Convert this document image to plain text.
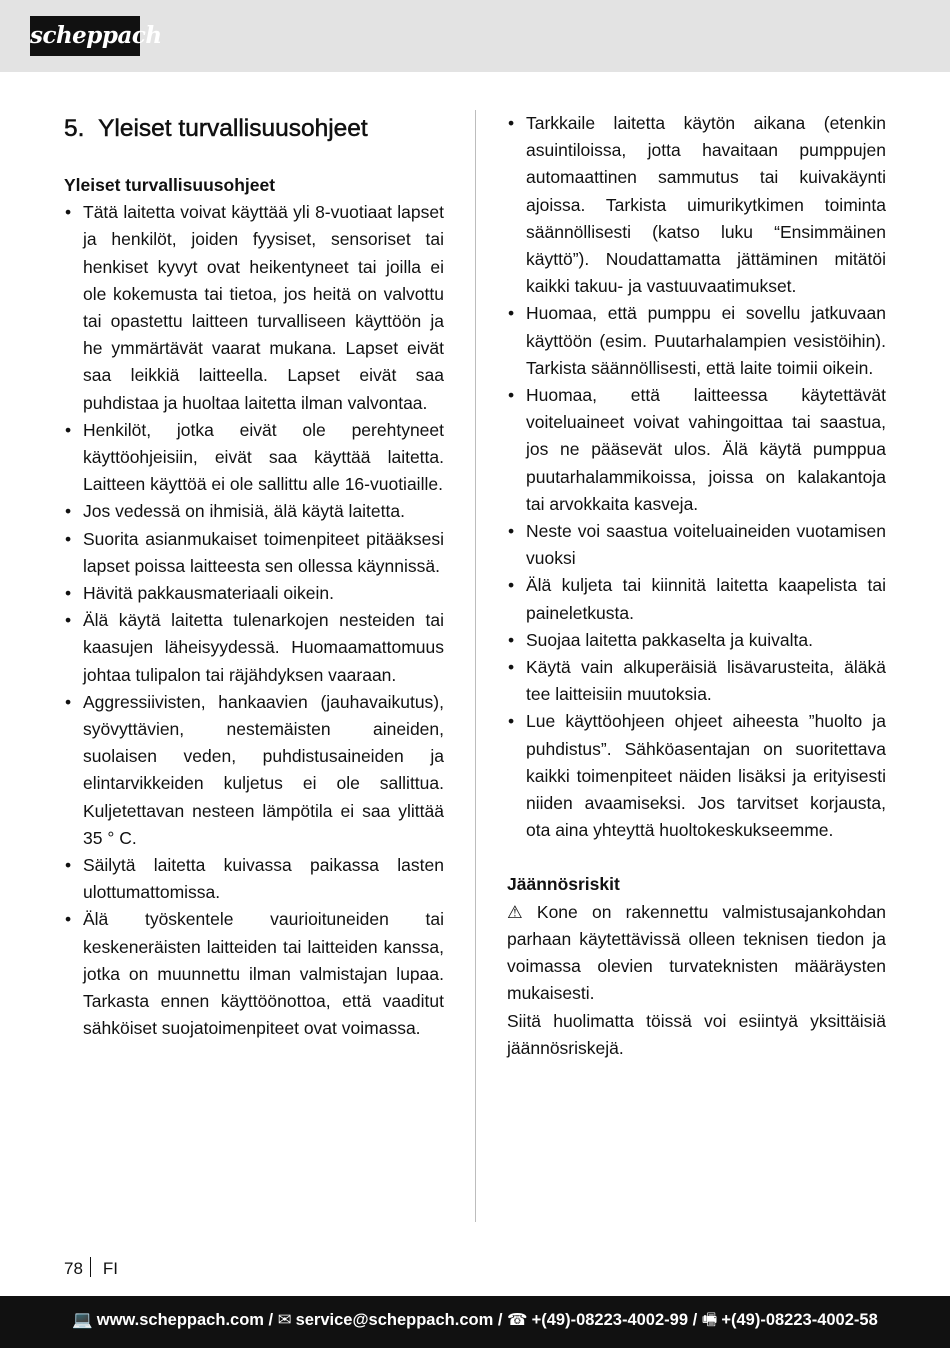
scheppach
5. Yleiset turvallisuusohjeet
Yleiset turvallisuusohjeet
• Tätä laitetta voivat käyttää yli 8-vuotiaat lapset ja henkilöt, joiden fyysiset, sensoriset tai henkiset kyvyt ovat heikentyneet tai joilla ei ole kokemusta tai tietoa, jos heitä on valvottu tai opastettu laitteen turvalliseen käyttöön ja he ymmärtävät vaarat mukana. Lapset eivät saa leikkiä laitteella. Lapset eivät saa puhdistaa ja huoltaa laitetta ilman valvontaa.
• Henkilöt, jotka eivät ole perehtyneet käyttöohjeisiin, eivät saa käyttää laitetta. Laitteen käyttöä ei ole sallittu alle 16-vuotiaille.
• Jos vedessä on ihmisiä, älä käytä laitetta.
• Suorita asianmukaiset toimenpiteet pitääksesi lapset poissa laitteesta sen ollessa käynnissä.
• Hävitä pakkausmateriaali oikein.
• Älä käytä laitetta tulenarkojen nesteiden tai kaasujen läheisyydessä. Huomaamattomuus johtaa tulipalon tai räjähdyksen vaaraan.
• Aggressiivisten, hankaavien (jauhavaikutus), syövyttävien, nestemäisten aineiden, suolaisen veden, puhdistusaineiden ja elintarvikkeiden kuljetus ei ole sallittua. Kuljetettavan nesteen lämpötila ei saa ylittää 35 ° C.
• Säilytä laitetta kuivassa paikassa lasten ulottumattomissa.
• Älä työskentele vaurioituneiden tai keskeneräisten laitteiden tai laitteiden kanssa, jotka on muunnettu ilman valmistajan lupaa. Tarkasta ennen käyttöönottoa, että vaaditut sähköiset suojatoimenpiteet ovat voimassa.
• Tarkkaile laitetta käytön aikana (etenkin asuintiloissa, jotta havaitaan pumppujen automaattinen sammutus tai kuivakäynti ajoissa. Tarkista uimurikytkimen toiminta säännöllisesti (katso luku “Ensimmäinen käyttö”). Noudattamatta jättäminen mitätöi kaikki takuu- ja vastuuvaatimukset.
• Huomaa, että pumppu ei sovellu jatkuvaan käyttöön (esim. Puutarhalampien vesistöihin). Tarkista säännöllisesti, että laite toimii oikein.
• Huomaa, että laitteessa käytettävät voiteluaineet voivat vahingoittaa tai saastua, jos ne pääsevät ulos. Älä käytä pumppua puutarhalammikoissa, joissa on kalakantoja tai arvokkaita kasveja.
• Neste voi saastua voiteluaineiden vuotamisen vuoksi
• Älä kuljeta tai kiinnitä laitetta kaapelista tai paineletkusta.
• Suojaa laitetta pakkaselta ja kuivalta.
• Käytä vain alkuperäisiä lisävarusteita, äläkä tee laitteisiin muutoksia.
• Lue käyttöohjeen ohjeet aiheesta ”huolto ja puhdistus”. Sähköasentajan on suoritettava kaikki toimenpiteet näiden lisäksi ja erityisesti niiden avaamiseksi. Jos tarvitset korjausta, ota aina yhteyttä huoltokeskukseemme.
Jäännösriskit

⚠ Kone on rakennettu valmistusajankohdan parhaan käytettävissä olleen teknisen tiedon ja voimassa olevien turvateknisten määräysten mukaisesti.

Siitä huolimatta töissä voi esiintyä yksittäisiä jäännösriskejä.

78 FI
💻 www.scheppach.com / ✉ service@scheppach.com / ☎ +(49)-08223-4002-99 / 🖷 +(49)-08223-4002-58
